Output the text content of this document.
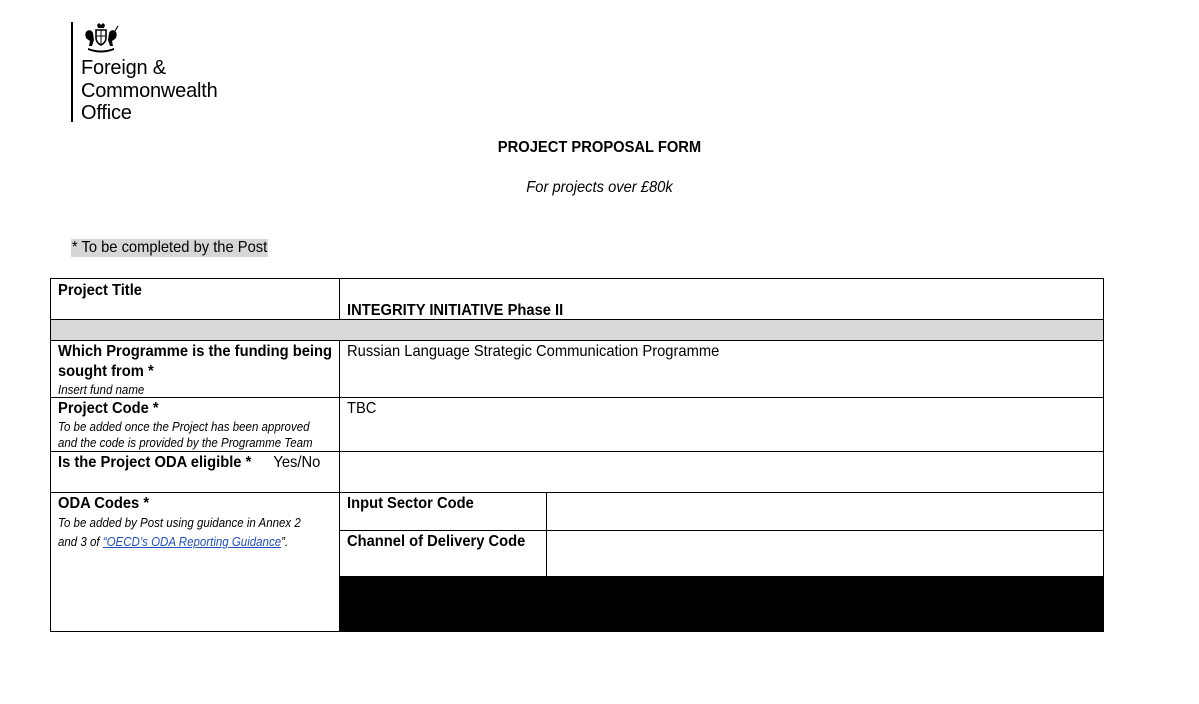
Foreign &
Commonwealth
Office
PROJECT PROPOSAL FORM
For projects over £80k
* To be completed by the Post
Project Title
INTEGRITY INITIATIVE Phase II
Which Programme is the funding being
sought from *
Insert fund name
Russian Language Strategic Communication Programme
Project Code *
To be added once the Project has been approved
and the code is provided by the Programme Team
TBC
Is the Project ODA eligible * Yes/No
ODA Codes *
To be added by Post using guidance in Annex 2
and 3 of “OECD’s ODA Reporting Guidance”.
Input Sector Code
Channel of Delivery Code
